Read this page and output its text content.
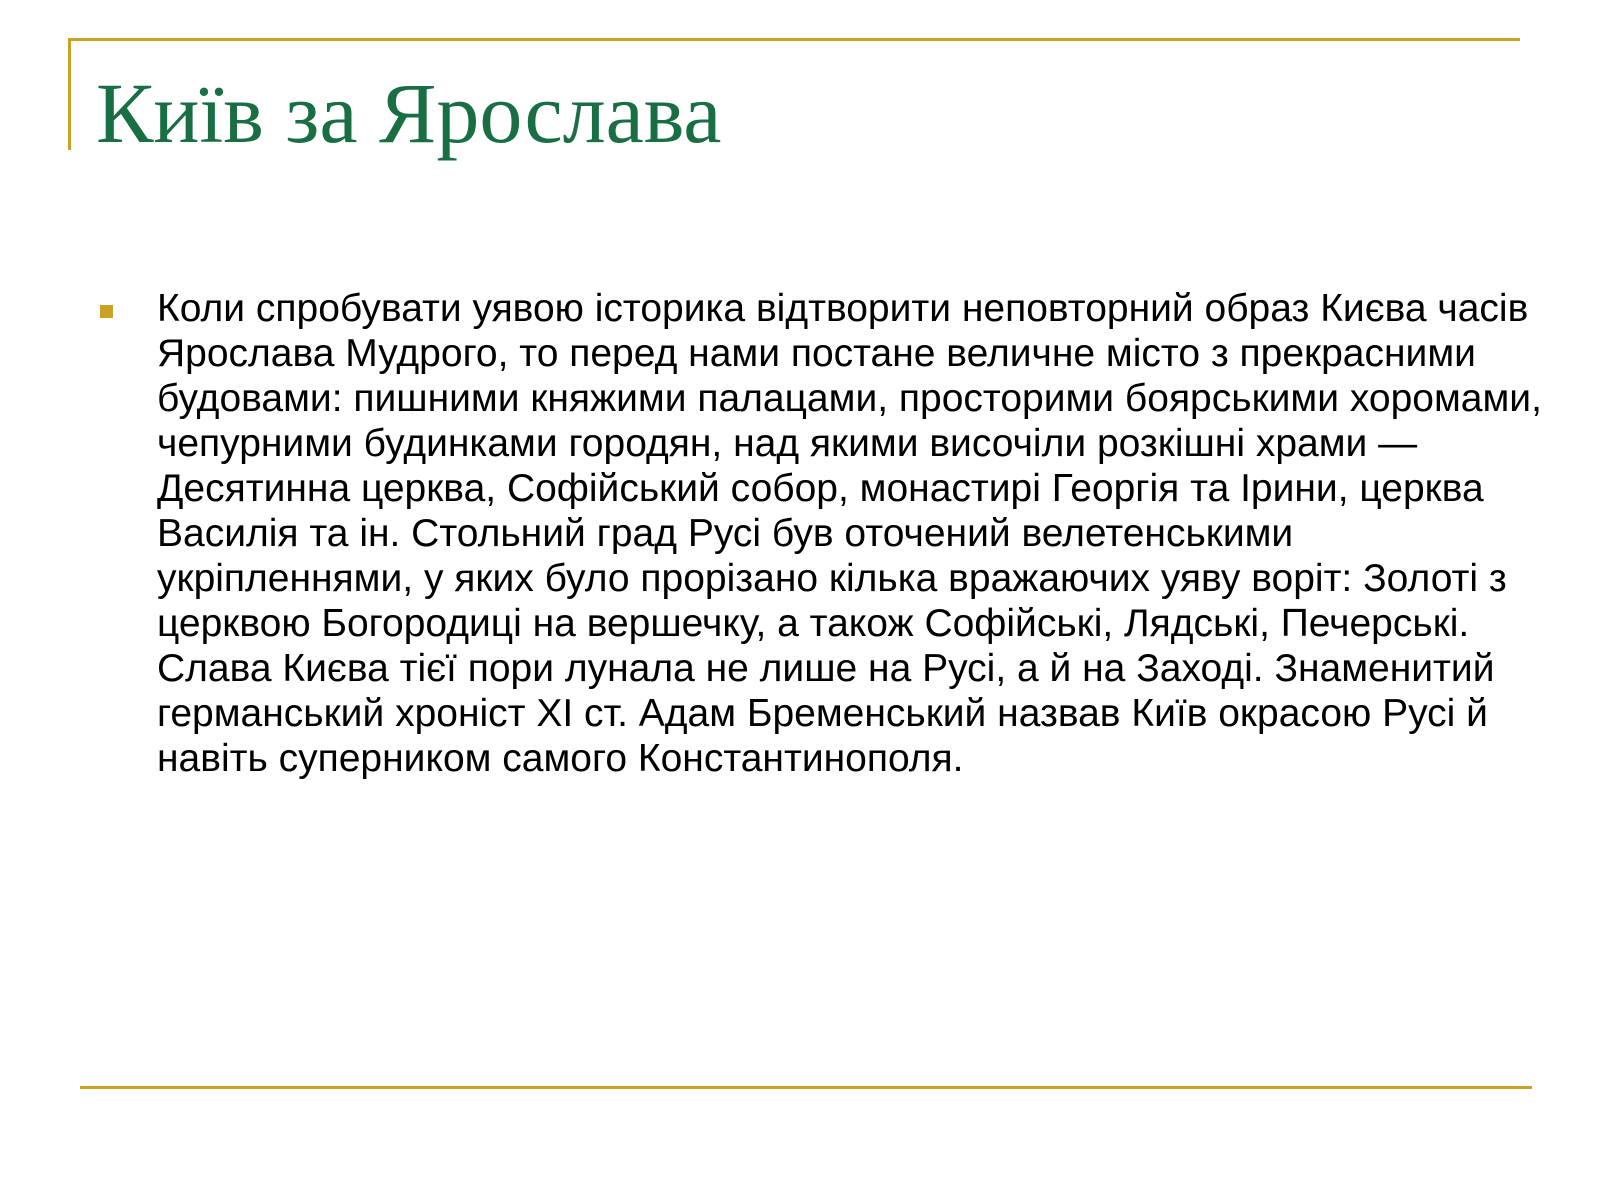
Київ за Ярослава

Коли спробувати уявою історика відтворити неповторний образ Києва часів Ярослава Мудрого, то перед нами постане величне місто з прекрасними будовами: пишними княжими палацами, просторими боярськими хоромами, чепурними будинками городян, над якими височіли розкішні храми — Десятинна церква, Софійський собор, монастирі Георгія та Ірини, церква Василія та ін. Стольний град Русі був оточений велетенськими укріпленнями, у яких було прорізано кілька вражаючих уяву воріт: Золоті з церквою Богородиці на вершечку, а також Софійські, Лядські, Печерські. Слава Києва тієї пори лунала не лише на Русі, а й на Заході. Знаменитий германський хроніст XI ст. Адам Бременський назвав Київ окрасою Русі й навіть суперником самого Константинополя.
